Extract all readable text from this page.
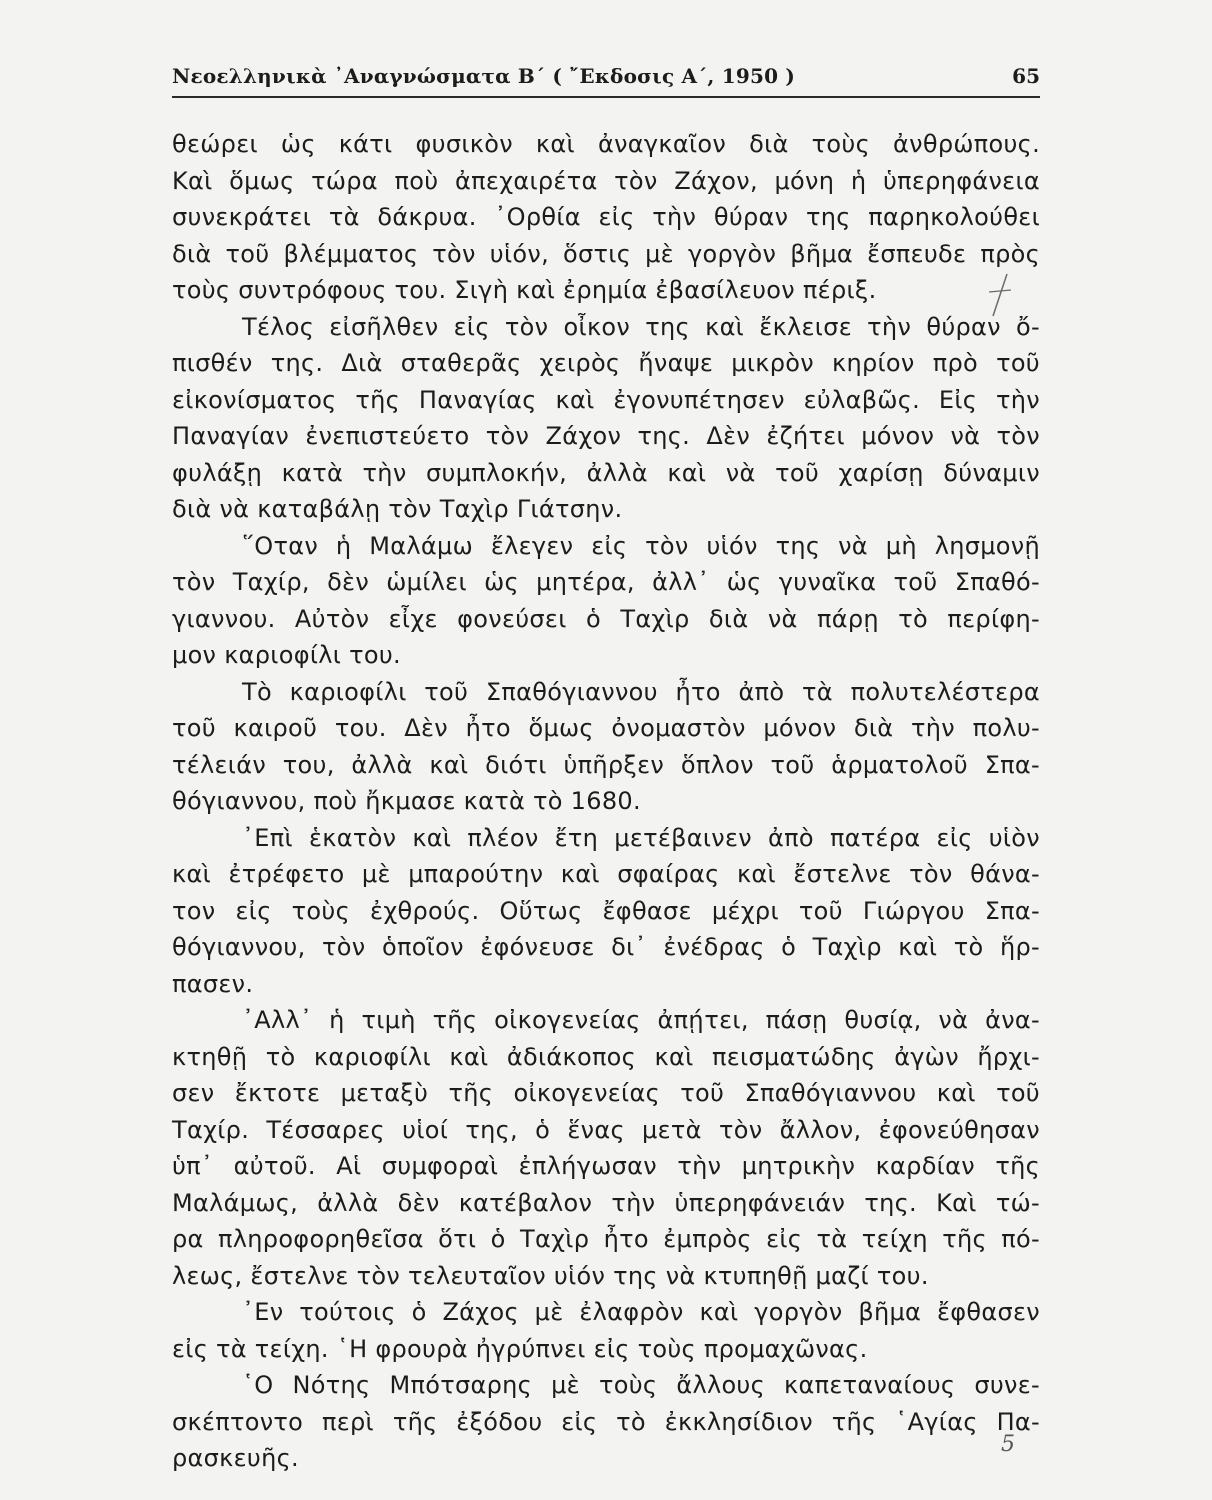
Νεοελληνικὰ ᾿Αναγνώσματα Β΄ ( ῎Εκδοσις Α΄, 1950 )	65
θεώρει ὡς κάτι φυσικὸν καὶ ἀναγκαῖον διὰ τοὺς ἀνθρώπους.
Καὶ ὅμως τώρα ποὺ ἀπεχαιρέτα τὸν Ζάχον, μόνη ἡ ὑπερηφάνεια
συνεκράτει τὰ δάκρυα. ᾿Ορθία εἰς τὴν θύραν της παρηκολούθει
διὰ τοῦ βλέμματος τὸν υἱόν, ὅστις μὲ γοργὸν βῆμα ἔσπευδε πρὸς
τοὺς συντρόφους του. Σιγὴ καὶ ἐρημία ἐβασίλευον πέριξ.
Τέλος εἰσῆλθεν εἰς τὸν οἶκον της καὶ ἔκλεισε τὴν θύραν ὄ-
πισθέν της. Διὰ σταθερᾶς χειρὸς ἤναψε μικρὸν κηρίον πρὸ τοῦ
εἰκονίσματος τῆς Παναγίας καὶ ἐγονυπέτησεν εὐλαβῶς. Εἰς τὴν
Παναγίαν ἐνεπιστεύετο τὸν Ζάχον της. Δὲν ἐζήτει μόνον νὰ τὸν
φυλάξῃ κατὰ τὴν συμπλοκήν, ἀλλὰ καὶ νὰ τοῦ χαρίσῃ δύναμιν
διὰ νὰ καταβάλῃ τὸν Ταχὶρ Γιάτσην.
῞Οταν ἡ Μαλάμω ἔλεγεν εἰς τὸν υἱόν της νὰ μὴ λησμονῇ
τὸν Ταχίρ, δὲν ὡμίλει ὡς μητέρα, ἀλλ᾿ ὡς γυναῖκα τοῦ Σπαθό-
γιαννου. Αὐτὸν εἶχε φονεύσει ὁ Ταχὶρ διὰ νὰ πάρῃ τὸ περίφη-
μον καριοφίλι του.
Τὸ καριοφίλι τοῦ Σπαθόγιαννου ἦτο ἀπὸ τὰ πολυτελέστερα
τοῦ καιροῦ του. Δὲν ἦτο ὅμως ὀνομαστὸν μόνον διὰ τὴν πολυ-
τέλειάν του, ἀλλὰ καὶ διότι ὑπῆρξεν ὅπλον τοῦ ἁρματολοῦ Σπα-
θόγιαννου, ποὺ ἤκμασε κατὰ τὸ 1680.
᾿Επὶ ἑκατὸν καὶ πλέον ἔτη μετέβαινεν ἀπὸ πατέρα εἰς υἱὸν
καὶ ἐτρέφετο μὲ μπαρούτην καὶ σφαίρας καὶ ἔστελνε τὸν θάνα-
τον εἰς τοὺς ἐχθρούς. Οὕτως ἔφθασε μέχρι τοῦ Γιώργου Σπα-
θόγιαννου, τὸν ὁποῖον ἐφόνευσε δι᾿ ἐνέδρας ὁ Ταχὶρ καὶ τὸ ἥρ-
πασεν.
᾿Αλλ᾿ ἡ τιμὴ τῆς οἰκογενείας ἀπῄτει, πάσῃ θυσίᾳ, νὰ ἀνα-
κτηθῇ τὸ καριοφίλι καὶ ἀδιάκοπος καὶ πεισματώδης ἀγὼν ἤρχι-
σεν ἔκτοτε μεταξὺ τῆς οἰκογενείας τοῦ Σπαθόγιαννου καὶ τοῦ
Ταχίρ. Τέσσαρες υἱοί της, ὁ ἕνας μετὰ τὸν ἄλλον, ἐφονεύθησαν
ὑπ᾿ αὐτοῦ. Αἱ συμφοραὶ ἐπλήγωσαν τὴν μητρικὴν καρδίαν τῆς
Μαλάμως, ἀλλὰ δὲν κατέβαλον τὴν ὑπερηφάνειάν της. Καὶ τώ-
ρα πληροφορηθεῖσα ὅτι ὁ Ταχὶρ ἦτο ἐμπρὸς εἰς τὰ τείχη τῆς πό-
λεως, ἔστελνε τὸν τελευταῖον υἱόν της νὰ κτυπηθῇ μαζί του.
᾿Εν τούτοις ὁ Ζάχος μὲ ἐλαφρὸν καὶ γοργὸν βῆμα ἔφθασεν
εἰς τὰ τείχη. ῾Η φρουρὰ ἠγρύπνει εἰς τοὺς προμαχῶνας.
῾Ο Νότης Μπότσαρης μὲ τοὺς ἄλλους καπεταναίους συνε-
σκέπτοντο περὶ τῆς ἐξόδου εἰς τὸ ἐκκλησίδιον τῆς ῾Αγίας Πα-
ρασκευῆς.	5
